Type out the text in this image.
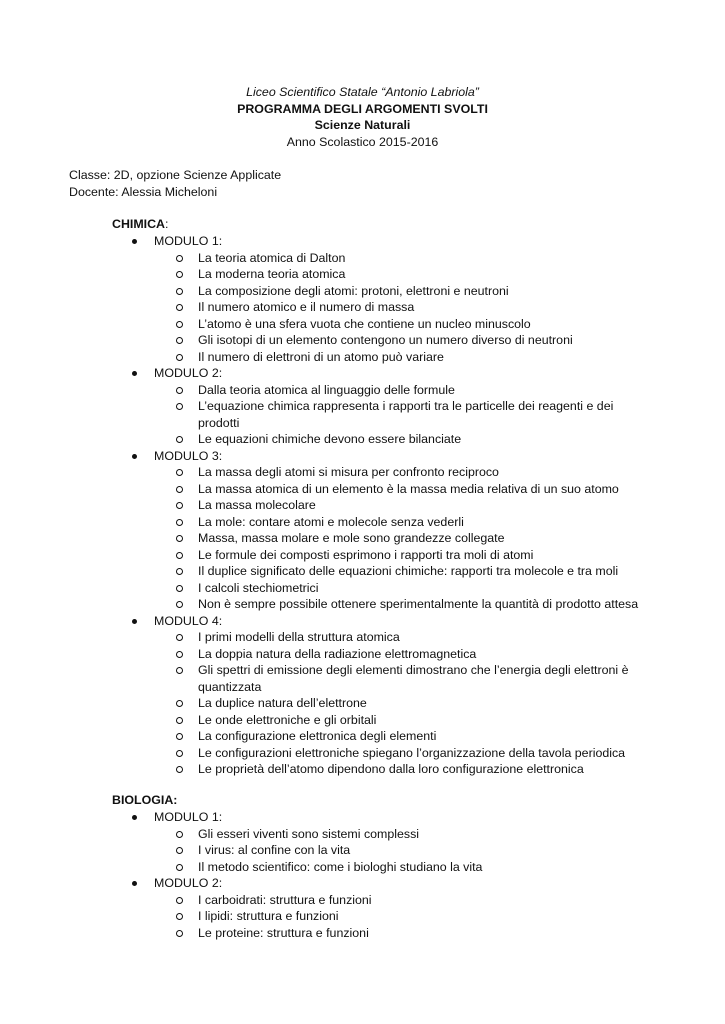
Liceo Scientifico Statale “Antonio Labriola”
PROGRAMMA DEGLI ARGOMENTI SVOLTI
Scienze Naturali
Anno Scolastico 2015-2016
Classe: 2D, opzione Scienze Applicate
Docente: Alessia Micheloni
CHIMICA:
MODULO 1:
La teoria atomica di Dalton
La moderna teoria atomica
La composizione degli atomi: protoni, elettroni e neutroni
Il numero atomico e il numero di massa
L’atomo è una sfera vuota che contiene un nucleo minuscolo
Gli isotopi di un elemento contengono un numero diverso di neutroni
Il numero di elettroni di un atomo può variare
MODULO 2:
Dalla teoria atomica al linguaggio delle formule
L’equazione chimica rappresenta i rapporti tra le particelle dei reagenti e dei prodotti
Le equazioni chimiche devono essere bilanciate
MODULO 3:
La massa degli atomi si misura per confronto reciproco
La massa atomica di un elemento è la massa media relativa di un suo atomo
La massa molecolare
La mole: contare atomi e molecole senza vederli
Massa, massa molare e mole sono grandezze collegate
Le formule dei composti esprimono i rapporti tra moli di atomi
Il duplice significato delle equazioni chimiche: rapporti tra molecole e tra moli
I calcoli stechiometrici
Non è sempre possibile ottenere sperimentalmente la quantità di prodotto attesa
MODULO 4:
I primi modelli della struttura atomica
La doppia natura della radiazione elettromagnetica
Gli spettri di emissione degli elementi dimostrano che l’energia degli elettroni è quantizzata
La duplice natura dell’elettrone
Le onde elettroniche e gli orbitali
La configurazione elettronica degli elementi
Le configurazioni elettroniche spiegano l’organizzazione della tavola periodica
Le proprietà dell’atomo dipendono dalla loro configurazione elettronica
BIOLOGIA:
MODULO 1:
Gli esseri viventi sono sistemi complessi
I virus: al confine con la vita
Il metodo scientifico: come i biologhi studiano la vita
MODULO 2:
I carboidrati: struttura e funzioni
I lipidi: struttura e funzioni
Le proteine: struttura e funzioni
